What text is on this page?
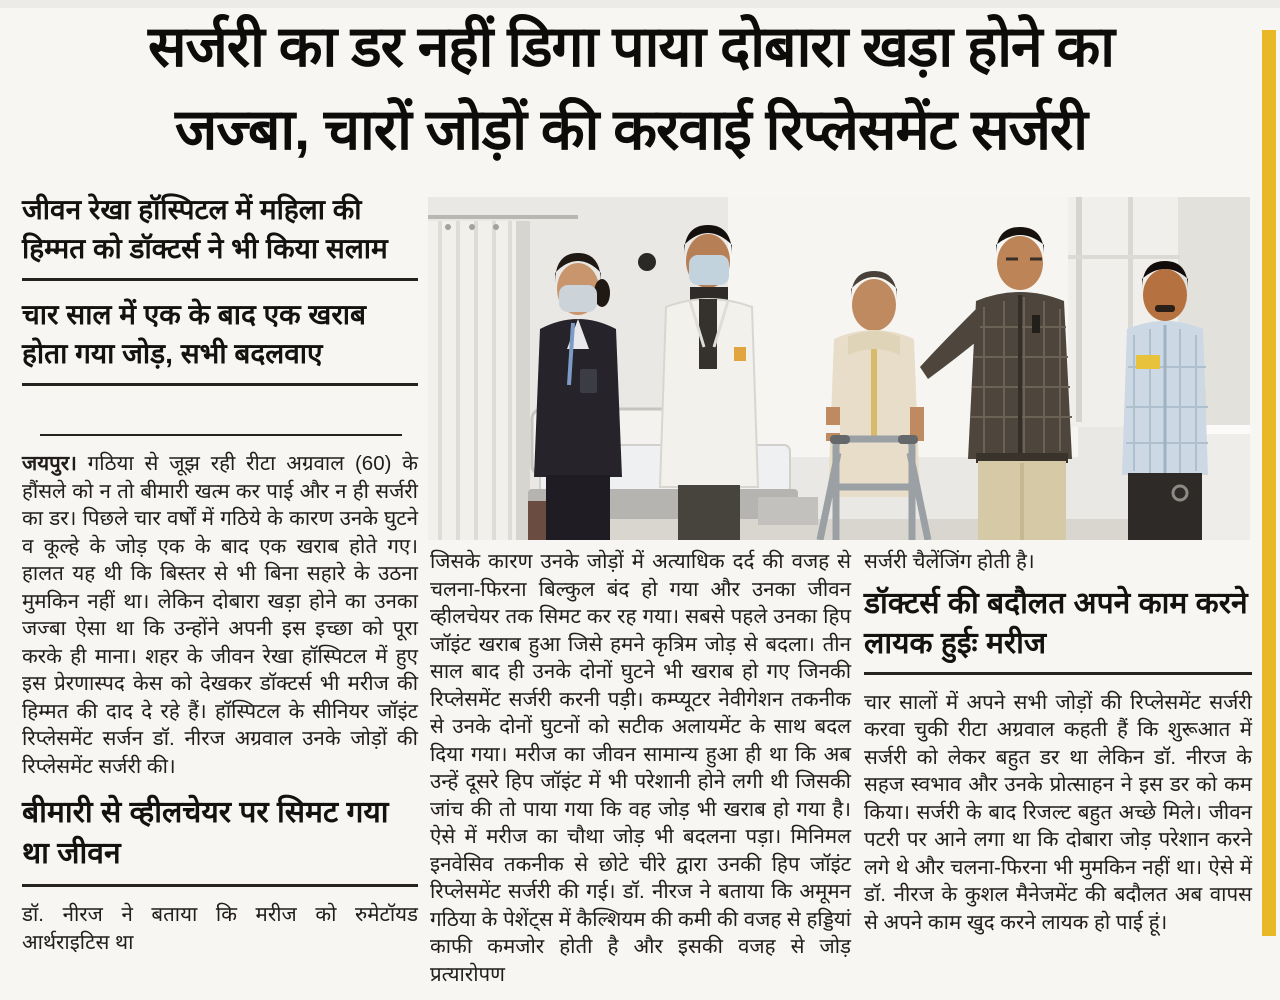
सर्जरी का डर नहीं डिगा पाया दोबारा खड़ा होने का
जज्बा, चारों जोड़ों की करवाई रिप्लेसमेंट सर्जरी
जीवन रेखा हॉस्पिटल में महिला की हिम्मत को डॉक्टर्स ने भी किया सलाम
चार साल में एक के बाद एक खराब होता गया जोड़, सभी बदलवाए

जयपुर। गठिया से जूझ रही रीटा अग्रवाल (60) के हौंसले को न तो बीमारी खत्म कर पाई और न ही सर्जरी का डर। पिछले चार वर्षों में गठिये के कारण उनके घुटने व कूल्हे के जोड़ एक के बाद एक खराब होते गए। हालत यह थी कि बिस्तर से भी बिना सहारे के उठना मुमकिन नहीं था। लेकिन दोबारा खड़ा होने का उनका जज्बा ऐसा था कि उन्होंने अपनी इस इच्छा को पूरा करके ही माना। शहर के जीवन रेखा हॉस्पिटल में हुए इस प्रेरणास्पद केस को देखकर डॉक्टर्स भी मरीज की हिम्मत की दाद दे रहे हैं। हॉस्पिटल के सीनियर जॉइंट रिप्लेसमेंट सर्जन डॉ. नीरज अग्रवाल उनके जोड़ों की रिप्लेसमेंट सर्जरी की।

बीमारी से व्हीलचेयर पर सिमट गया था जीवन

डॉ. नीरज ने बताया कि मरीज को रुमेटॉयड आर्थराइटिस था

जिसके कारण उनके जोड़ों में अत्याधिक दर्द की वजह से चलना-फिरना बिल्कुल बंद हो गया और उनका जीवन व्हीलचेयर तक सिमट कर रह गया। सबसे पहले उनका हिप जॉइंट खराब हुआ जिसे हमने कृत्रिम जोड़ से बदला। तीन साल बाद ही उनके दोनों घुटने भी खराब हो गए जिनकी रिप्लेसमेंट सर्जरी करनी पड़ी। कम्प्यूटर नेवीगेशन तकनीक से उनके दोनों घुटनों को सटीक अलायमेंट के साथ बदल दिया गया। मरीज का जीवन सामान्य हुआ ही था कि अब उन्हें दूसरे हिप जॉइंट में भी परेशानी होने लगी थी जिसकी जांच की तो पाया गया कि वह जोड़ भी खराब हो गया है। ऐसे में मरीज का चौथा जोड़ भी बदलना पड़ा। मिनिमल इनवेसिव तकनीक से छोटे चीरे द्वारा उनकी हिप जॉइंट रिप्लेसमेंट सर्जरी की गई। डॉ. नीरज ने बताया कि अमूमन गठिया के पेशेंट्स में कैल्शियम की कमी की वजह से हड्डियां काफी कमजोर होती है और इसकी वजह से जोड़ प्रत्यारोपण

सर्जरी चैलेंजिंग होती है।

डॉक्टर्स की बदौलत अपने काम करने लायक हुईः मरीज

चार सालों में अपने सभी जोड़ों की रिप्लेसमेंट सर्जरी करवा चुकी रीटा अग्रवाल कहती हैं कि शुरूआत में सर्जरी को लेकर बहुत डर था लेकिन डॉ. नीरज के सहज स्वभाव और उनके प्रोत्साहन ने इस डर को कम किया। सर्जरी के बाद रिजल्ट बहुत अच्छे मिले। जीवन पटरी पर आने लगा था कि दोबारा जोड़ परेशान करने लगे थे और चलना-फिरना भी मुमकिन नहीं था। ऐसे में डॉ. नीरज के कुशल मैनेजमेंट की बदौलत अब वापस से अपने काम खुद करने लायक हो पाई हूं।
